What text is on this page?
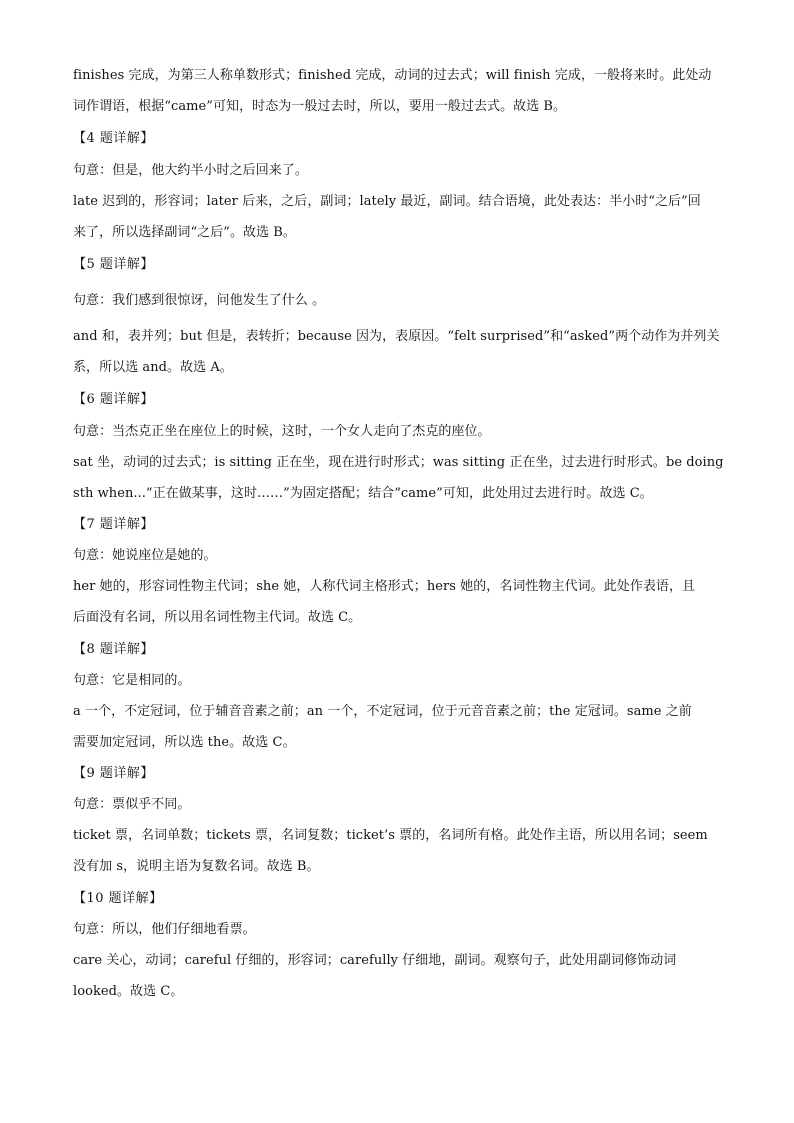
finishes 完成，为第三人称单数形式；finished 完成，动词的过去式；will finish 完成，一般将来时。此处动
词作谓语，根据“came”可知，时态为一般过去时，所以，要用一般过去式。故选 B。
【4 题详解】
句意：但是，他大约半小时之后回来了。
late 迟到的，形容词；later 后来，之后，副词；lately 最近，副词。结合语境，此处表达：半小时“之后”回
来了，所以选择副词“之后”。故选 B。
【5 题详解】
句意：我们感到很惊讶，问他发生了什么 。
and 和，表并列；but 但是，表转折；because 因为，表原因。“felt surprised”和“asked”两个动作为并列关
系，所以选 and。故选 A。
【6 题详解】
句意：当杰克正坐在座位上的时候，这时，一个女人走向了杰克的座位。
sat 坐，动词的过去式；is sitting 正在坐，现在进行时形式；was sitting 正在坐，过去进行时形式。be doing
sth when...“正在做某事，这时……”为固定搭配；结合“came”可知，此处用过去进行时。故选 C。
【7 题详解】
句意：她说座位是她的。
her 她的，形容词性物主代词；she 她，人称代词主格形式；hers 她的，名词性物主代词。此处作表语，且
后面没有名词，所以用名词性物主代词。故选 C。
【8 题详解】
句意：它是相同的。
a 一个，不定冠词，位于辅音音素之前；an 一个，不定冠词，位于元音音素之前；the 定冠词。same 之前
需要加定冠词，所以选 the。故选 C。
【9 题详解】
句意：票似乎不同。
ticket 票，名词单数；tickets 票，名词复数；ticket’s 票的，名词所有格。此处作主语，所以用名词；seem
没有加 s，说明主语为复数名词。故选 B。
【10 题详解】
句意：所以，他们仔细地看票。
care 关心，动词；careful 仔细的，形容词；carefully 仔细地，副词。观察句子，此处用副词修饰动词
looked。故选 C。
